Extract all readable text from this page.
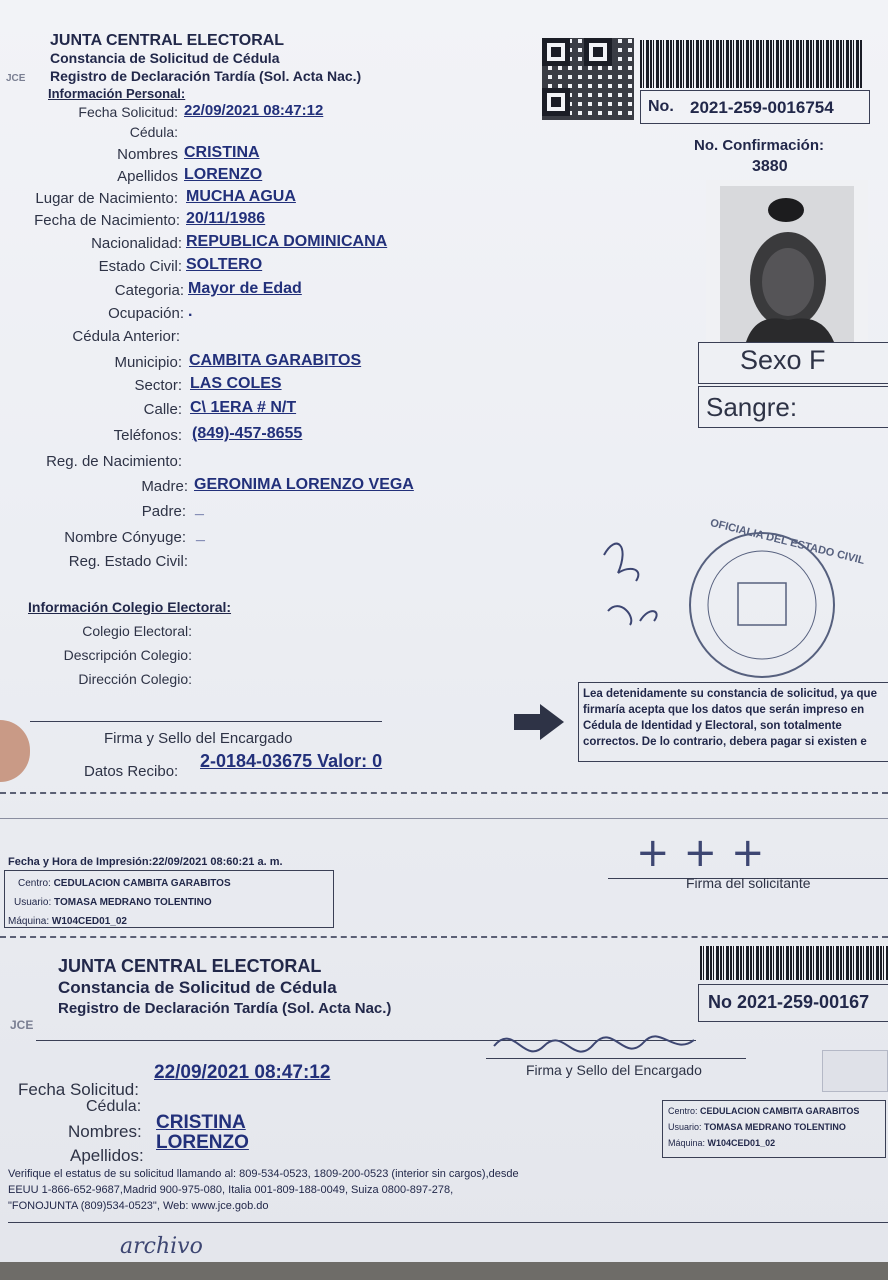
JUNTA CENTRAL ELECTORAL
Constancia de Solicitud de Cédula
JCE Registro de Declaración Tardía (Sol. Acta Nac.)
Información Personal:
No. 2021-259-0016754
No. Confirmación:
3880
Sexo F
Sangre:
Fecha Solicitud: 22/09/2021 08:47:12
Cédula:
Nombres CRISTINA
Apellidos LORENZO
Lugar de Nacimiento: MUCHA AGUA
Fecha de Nacimiento: 20/11/1986
Nacionalidad: REPUBLICA DOMINICANA
Estado Civil: SOLTERO
Categoria: Mayor de Edad
Ocupación: .
Cédula Anterior:
Municipio: CAMBITA GARABITOS
Sector: LAS COLES
Calle: C\ 1ERA # N/T
Teléfonos: (849)-457-8655
Reg. de Nacimiento:
Madre: GERONIMA LORENZO VEGA
Padre: _
Nombre Cónyuge: _
Reg. Estado Civil:
Información Colegio Electoral:
Colegio Electoral:
Descripción Colegio:
Dirección Colegio:
OFICIALIA DEL ESTADO CIVIL
Lea detenidamente su constancia de solicitud, ya que firmaría acepta que los datos que serán impreso en Cédula de Identidad y Electoral, son totalmente correctos. De lo contrario, debera pagar si existen e
Firma y Sello del Encargado
Datos Recibo:
2-0184-03675 Valor: 0
Fecha y Hora de Impresión:22/09/2021 08:60:21 a. m.
Centro: CEDULACION CAMBITA GARABITOS
Usuario: TOMASA MEDRANO TOLENTINO
Máquina: W104CED01_02
+++
Firma del solicitante
JUNTA CENTRAL ELECTORAL
Constancia de Solicitud de Cédula
JCE
Registro de Declaración Tardía (Sol. Acta Nac.)	No 2021-259-00167
Firma y Sello del Encargado
Fecha Solicitud:
22/09/2021 08:47:12
Cédula:
Nombres: CRISTINA
Apellidos:
LORENZO
Centro: CEDULACION CAMBITA GARABITOS
Usuario: TOMASA MEDRANO TOLENTINO
Máquina: W104CED01_02
Verifique el estatus de su solicitud llamando al: 809-534-0523, 1809-200-0523 (interior sin cargos),desde
EEUU 1-866-652-9687,Madrid 900-975-080, Italia 001-809-188-0049, Suiza 0800-897-278,
"FONOJUNTA (809)534-0523", Web: www.jce.gob.do
archivo
